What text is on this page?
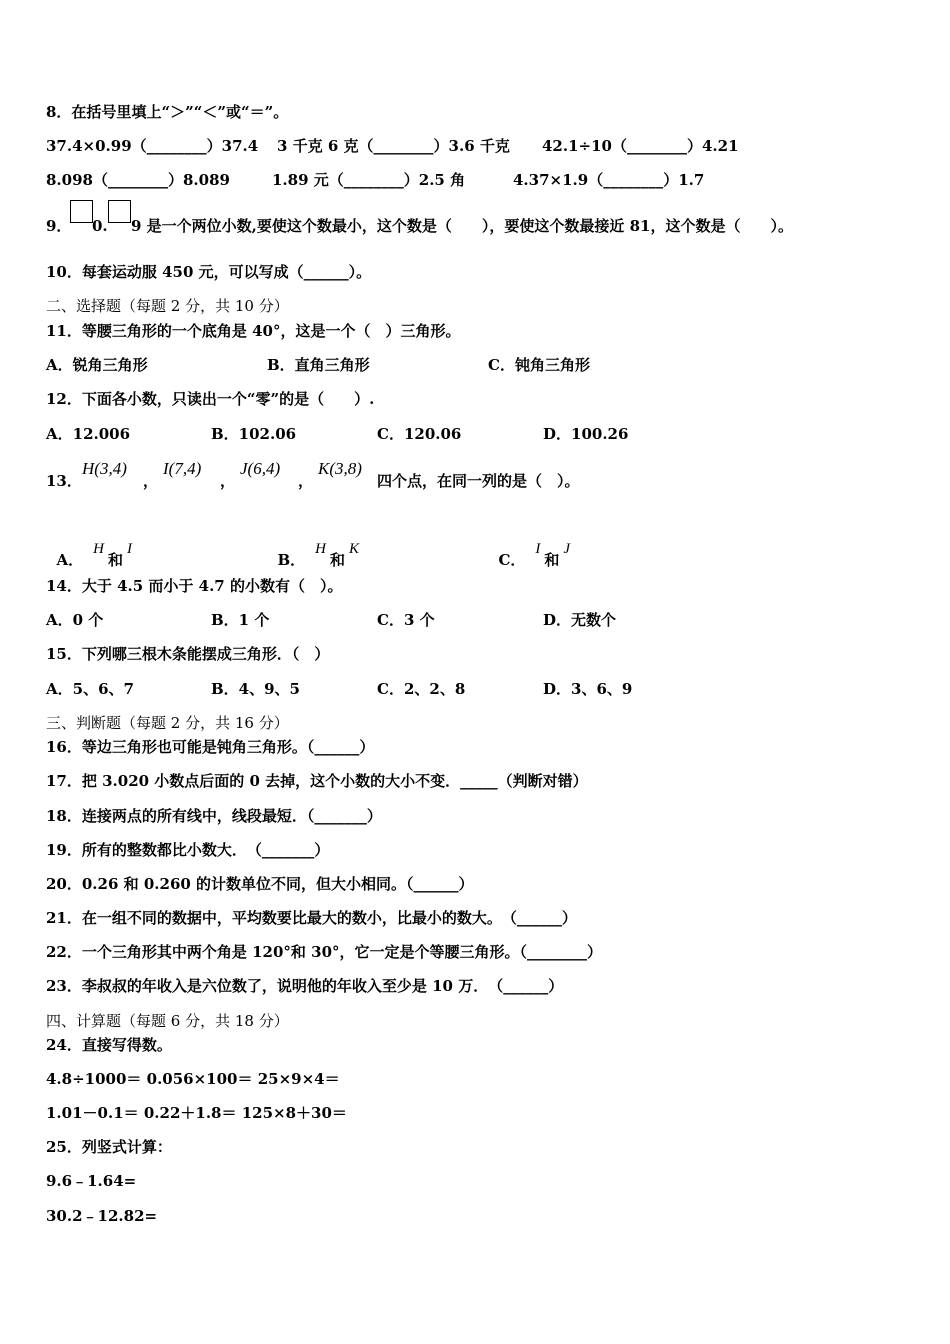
8．在括号里填上“＞”“＜”或“＝”。
37.4×0.99（________）37.4 3 千克 6 克（________）3.6 千克 42.1÷10（________）4.21
8.098（________）8.089	1.89 元（________）2.5 角	4.37×1.9（________）1.7
9． 0. 9 是一个两位小数,要使这个数最小，这个数是（　　），要使这个数最接近 81，这个数是（　　）。
10．每套运动服 450 元，可以写成（______）。
二、选择题（每题 2 分，共 10 分）
11．等腰三角形的一个底角是 40°，这是一个（　）三角形。
A．锐角三角形	B．直角三角形	C．钝角三角形
12．下面各小数，只读出一个“零”的是（　　）.
A．12.006	B．102.06	C．120.06	D．100.26
13．
H(3,4)
，
I(7,4)
，
J(6,4)
，
K(3,8)
四个点，在同一列的是（　）。

A．H和I

B．H和K

C．I和J

14．大于 4.5 而小于 4.7 的小数有（　）。
A．0 个	B．1 个	C．3 个	D．无数个
15．下列哪三根木条能摆成三角形．（　）
A．5、6、7	B．4、9、5	C．2、2、8	D．3、6、9
三、判断题（每题 2 分，共 16 分）
16．等边三角形也可能是钝角三角形。（______）
17．把 3.020 小数点后面的 0 去掉，这个小数的大小不变．_____（判断对错）
18．连接两点的所有线中，线段最短．（_______）
19．所有的整数都比小数大．　（_______）
20．0.26 和 0.260 的计数单位不同，但大小相同。（______）
21．在一组不同的数据中，平均数要比最大的数小，比最小的数大。　（______）
22．一个三角形其中两个角是 120°和 30°，它一定是个等腰三角形。（________）
23．李叔叔的年收入是六位数了，说明他的年收入至少是 10 万．　（______）
四、计算题（每题 6 分，共 18 分）
24．直接写得数。
4.8÷1000＝ 0.056×100＝ 25×9×4＝
1.01－0.1＝ 0.22＋1.8＝ 125×8＋30＝
25．列竖式计算：
9.6﹣1.64=
30.2﹣12.82=
